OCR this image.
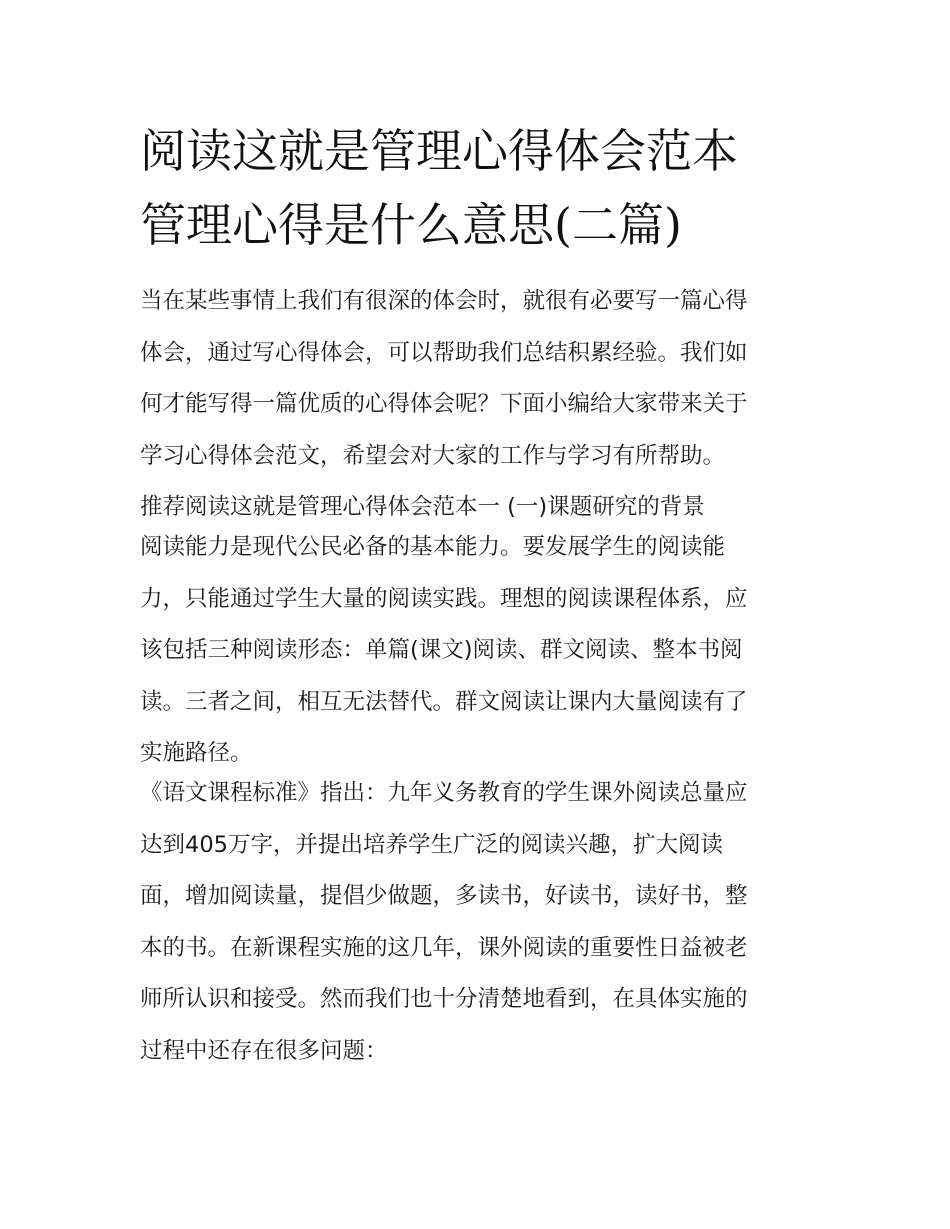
阅读这就是管理心得体会范本
管理心得是什么意思(二篇)
当在某些事情上我们有很深的体会时，就很有必要写一篇心得
体会，通过写心得体会，可以帮助我们总结积累经验。我们如
何才能写得一篇优质的心得体会呢？下面小编给大家带来关于
学习心得体会范文，希望会对大家的工作与学习有所帮助。
推荐阅读这就是管理心得体会范本一 (一)课题研究的背景
阅读能力是现代公民必备的基本能力。要发展学生的阅读能
力，只能通过学生大量的阅读实践。理想的阅读课程体系，应
该包括三种阅读形态：单篇(课文)阅读、群文阅读、整本书阅
读。三者之间，相互无法替代。群文阅读让课内大量阅读有了
实施路径。
《语文课程标准》指出：九年义务教育的学生课外阅读总量应
达到405万字，并提出培养学生广泛的阅读兴趣，扩大阅读
面，增加阅读量，提倡少做题，多读书，好读书，读好书，整
本的书。在新课程实施的这几年，课外阅读的重要性日益被老
师所认识和接受。然而我们也十分清楚地看到，在具体实施的
过程中还存在很多问题：
